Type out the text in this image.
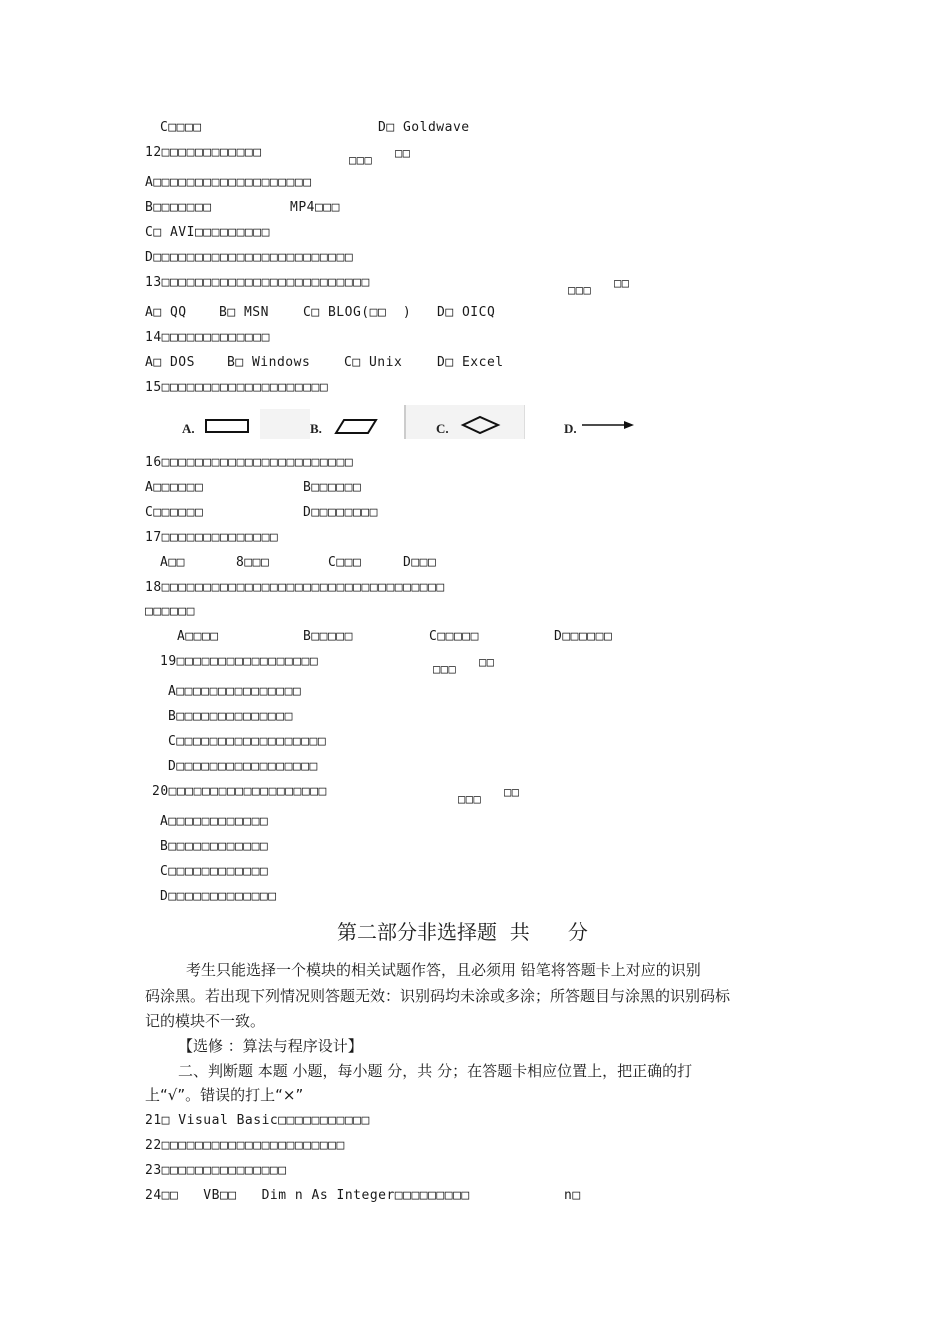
C□□□□	D□ Goldwave
12□□□□□□□□□□□□	□□□ □□
A□□□□□□□□□□□□□□□□□□□
B□□□□□□□	MP4□□□
C□ AVI□□□□□□□□□
D□□□□□□□□□□□□□□□□□□□□□□□□
13□□□□□□□□□□□□□□□□□□□□□□□□□	□□□ □□
A□ QQ B□ MSN	C□ BLOG(□□  ) D□ OICQ
14□□□□□□□□□□□□□
A□ DOS B□ Windows	C□ Unix	D□ Excel
15□□□□□□□□□□□□□□□□□□□□
A.	B.	C.	D.
16□□□□□□□□□□□□□□□□□□□□□□□
A□□□□□□	B□□□□□□
C□□□□□□	D□□□□□□□□
17□□□□□□□□□□□□□□
A□□	8□□□	C□□□	D□□□
18□□□□□□□□□□□□□□□□□□□□□□□□□□□□□□□□□□
□□□□□□
A□□□□	B□□□□□	C□□□□□	D□□□□□□
19□□□□□□□□□□□□□□□□□	□□□ □□
A□□□□□□□□□□□□□□□
B□□□□□□□□□□□□□□
C□□□□□□□□□□□□□□□□□□
D□□□□□□□□□□□□□□□□□
20□□□□□□□□□□□□□□□□□□□	□□□ □□
A□□□□□□□□□□□□
B□□□□□□□□□□□□
C□□□□□□□□□□□□
D□□□□□□□□□□□□□
第二部分非选择题  共      分
考生只能选择一个模块的相关试题作答，且必须用 铅笔将答题卡上对应的识别
码涂黑。若出现下列情况则答题无效：识别码均未涂或多涂；所答题目与涂黑的识别码标
记的模块不一致。
【选修 ：算法与程序设计】
二、判断题 本题 小题，每小题 分，共 分；在答题卡相应位置上，把正确的打
上“√”。错误的打上“×”
21□ Visual Basic□□□□□□□□□□□
22□□□□□□□□□□□□□□□□□□□□□□
23□□□□□□□□□□□□□□□
24□□   VB□□   Dim n As Integer□□□□□□□□□	n□
